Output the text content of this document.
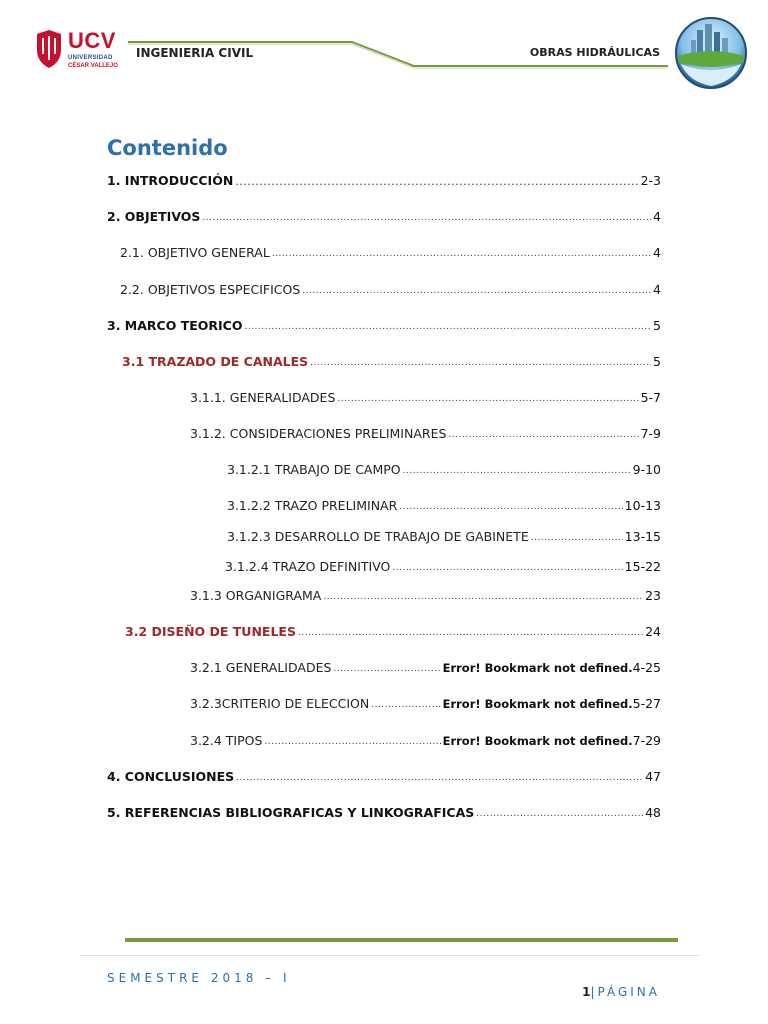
UCV
UNIVERSIDAD
CÉSAR VALLEJO
INGENIERIA CIVIL	OBRAS HIDRÁULICAS
Contenido
1. INTRODUCCIÓN .....	2-3
2. OBJETIVOS .....	4
2.1. OBJETIVO GENERAL .....	4
2.2. OBJETIVOS ESPECIFICOS .....	4
3. MARCO TEORICO .....	5
3.1 TRAZADO DE CANALES .....	5
3.1.1. GENERALIDADES .....	5-7
3.1.2. CONSIDERACIONES PRELIMINARES .....	7-9
3.1.2.1 TRABAJO DE CAMPO .....	9-10
3.1.2.2 TRAZO PRELIMINAR .....	10-13
3.1.2.3 DESARROLLO DE TRABAJO DE GABINETE .....	13-15
3.1.2.4 TRAZO DEFINITIVO .....	15-22
3.1.3 ORGANIGRAMA .....	23
3.2 DISEÑO DE TUNELES .....	24
3.2.1 GENERALIDADES .....	Error! Bookmark not defined. 4-25
3.2.3CRITERIO DE ELECCION .....	Error! Bookmark not defined. 5-27
3.2.4 TIPOS .....	Error! Bookmark not defined. 7-29
4. CONCLUSIONES .....	47
5. REFERENCIAS BIBLIOGRAFICAS Y LINKOGRAFICAS .....	48
SEMESTRE 2018 – I
1|PÁGINA
